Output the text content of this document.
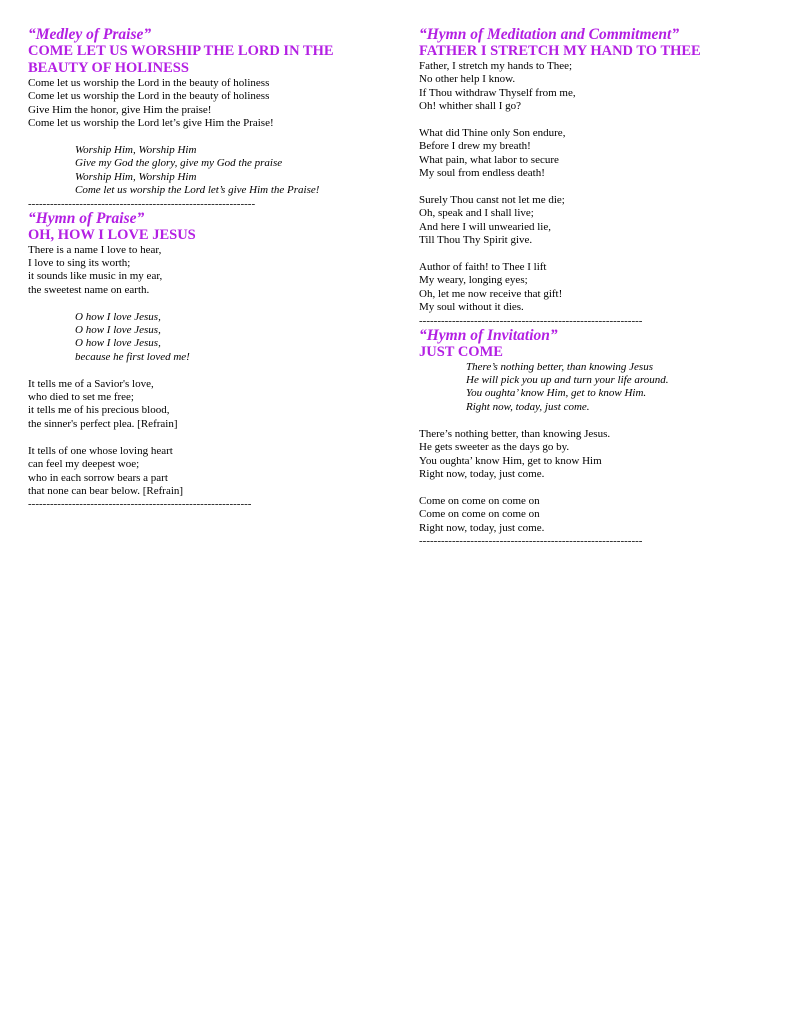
“Medley of Praise”
COME LET US WORSHIP THE LORD IN THE
BEAUTY OF HOLINESS
Come let us worship the Lord in the beauty of holiness
Come let us worship the Lord in the beauty of holiness
Give Him the honor, give Him the praise!
Come let us worship the Lord let’s give Him the Praise!
Worship Him, Worship Him
Give my God the glory, give my God the praise
Worship Him, Worship Him
Come let us worship the Lord let’s give Him the Praise!
--------------------------------------------------------------
“Hymn of Praise”
OH, HOW I LOVE JESUS
There is a name I love to hear,
I love to sing its worth;
it sounds like music in my ear,
the sweetest name on earth.
O how I love Jesus,
O how I love Jesus,
O how I love Jesus,
because he first loved me!
It tells me of a Savior's love,
who died to set me free;
it tells me of his precious blood,
the sinner's perfect plea. [Refrain]
It tells of one whose loving heart
can feel my deepest woe;
who in each sorrow bears a part
that none can bear below. [Refrain]
-------------------------------------------------------------
“Hymn of Meditation and Commitment”
FATHER I STRETCH MY HAND TO THEE
Father, I stretch my hands to Thee;
No other help I know.
If Thou withdraw Thyself from me,
Oh! whither shall I go?
What did Thine only Son endure,
Before I drew my breath!
What pain, what labor to secure
My soul from endless death!
Surely Thou canst not let me die;
Oh, speak and I shall live;
And here I will unwearied lie,
Till Thou Thy Spirit give.
Author of faith! to Thee I lift
My weary, longing eyes;
Oh, let me now receive that gift!
My soul without it dies.
-------------------------------------------------------------
“Hymn of Invitation”
JUST COME
There’s nothing better, than knowing Jesus
He will pick you up and turn your life around.
You oughta’ know Him, get to know Him.
Right now, today, just come.
There’s nothing better, than knowing Jesus.
He gets sweeter as the days go by.
You oughta’ know Him, get to know Him
Right now, today, just come.
Come on come on come on
Come on come on come on
Right now, today, just come.
-------------------------------------------------------------
